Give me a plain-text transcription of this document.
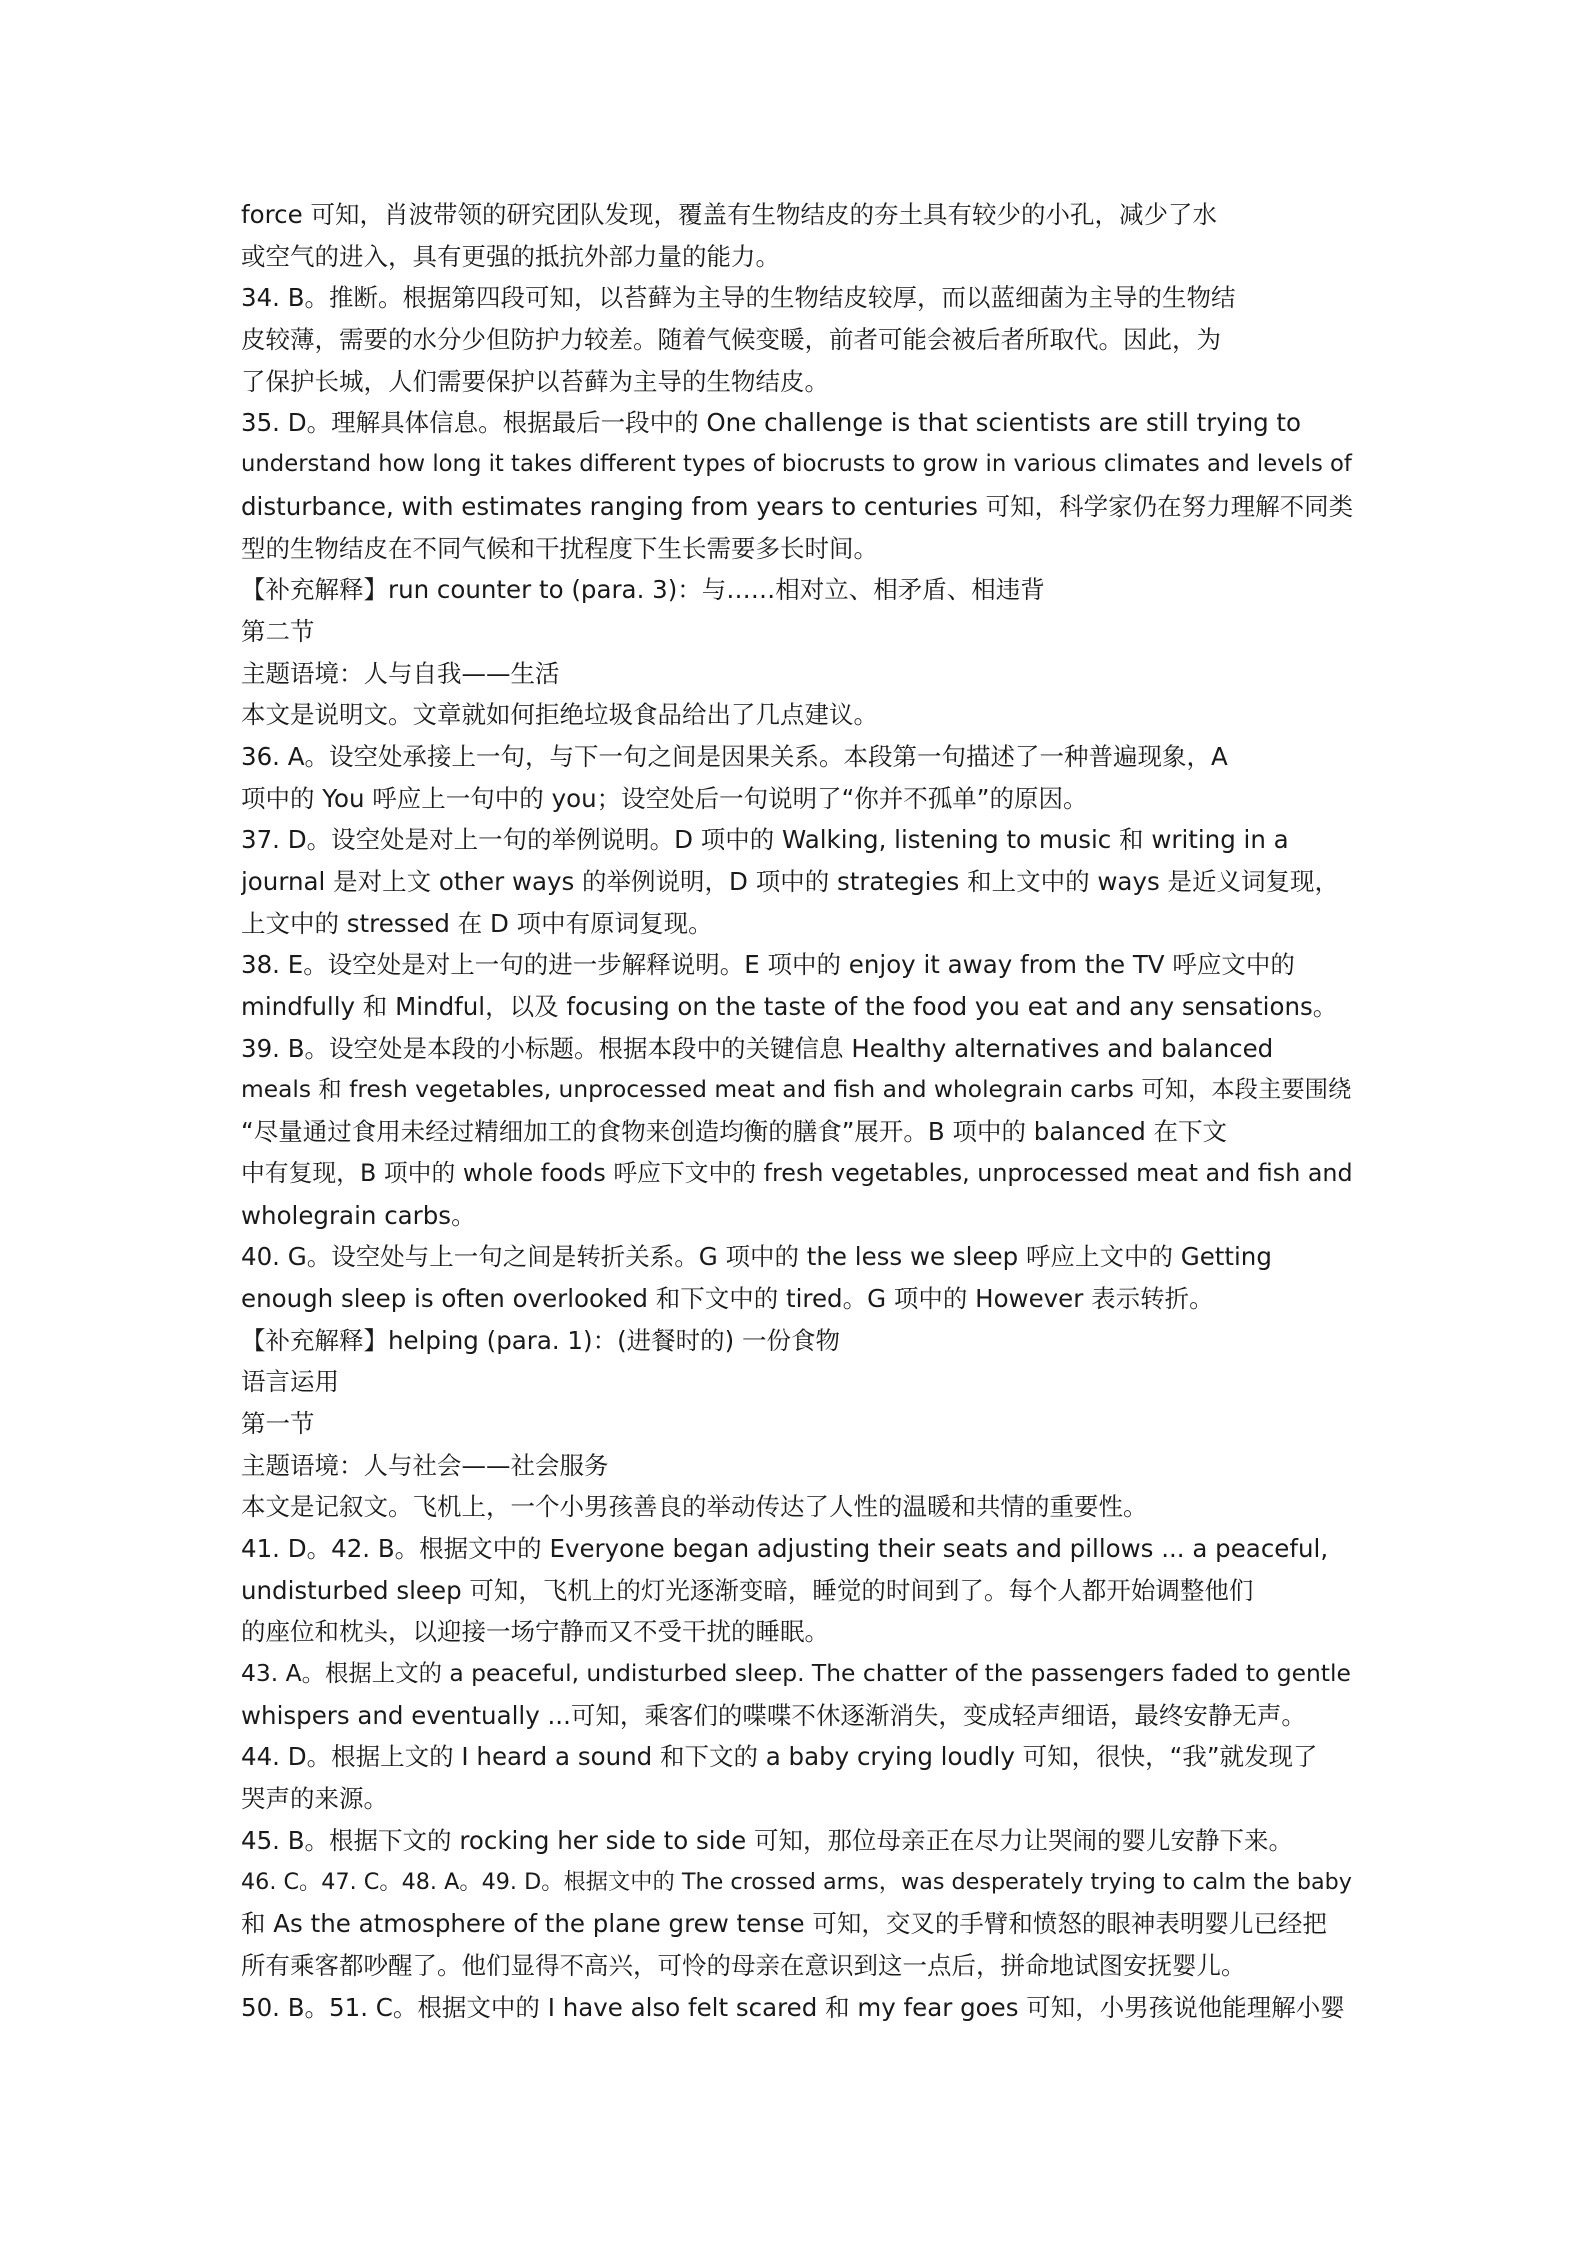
force 可知，肖波带领的研究团队发现，覆盖有生物结皮的夯土具有较少的小孔，减少了水
或空气的进入，具有更强的抵抗外部力量的能力。
34. B。推断。根据第四段可知，以苔藓为主导的生物结皮较厚，而以蓝细菌为主导的生物结
皮较薄，需要的水分少但防护力较差。随着气候变暖，前者可能会被后者所取代。因此，为
了保护长城，人们需要保护以苔藓为主导的生物结皮。
35. D。理解具体信息。根据最后一段中的 One challenge is that scientists are still trying to
understand how long it takes different types of biocrusts to grow in various climates and levels of
disturbance, with estimates ranging from years to centuries 可知，科学家仍在努力理解不同类
型的生物结皮在不同气候和干扰程度下生长需要多长时间。
【补充解释】run counter to (para. 3)：与……相对立、相矛盾、相违背
第二节
主题语境：人与自我——生活
本文是说明文。文章就如何拒绝垃圾食品给出了几点建议。
36. A。设空处承接上一句，与下一句之间是因果关系。本段第一句描述了一种普遍现象，A
项中的 You 呼应上一句中的 you；设空处后一句说明了“你并不孤单”的原因。
37. D。设空处是对上一句的举例说明。D 项中的 Walking, listening to music 和 writing in a
journal 是对上文 other ways 的举例说明，D 项中的 strategies 和上文中的 ways 是近义词复现，
上文中的 stressed 在 D 项中有原词复现。
38. E。设空处是对上一句的进一步解释说明。E 项中的 enjoy it away from the TV 呼应文中的
mindfully 和 Mindful，以及 focusing on the taste of the food you eat and any sensations。
39. B。设空处是本段的小标题。根据本段中的关键信息 Healthy alternatives and balanced
meals 和 fresh vegetables, unprocessed meat and fish and wholegrain carbs 可知，本段主要围绕
“尽量通过食用未经过精细加工的食物来创造均衡的膳食”展开。B 项中的 balanced 在下文
中有复现，B 项中的 whole foods 呼应下文中的 fresh vegetables, unprocessed meat and fish and
wholegrain carbs。
40. G。设空处与上一句之间是转折关系。G 项中的 the less we sleep 呼应上文中的 Getting
enough sleep is often overlooked 和下文中的 tired。G 项中的 However 表示转折。
【补充解释】helping (para. 1)：(进餐时的) 一份食物
语言运用
第一节
主题语境：人与社会——社会服务
本文是记叙文。飞机上，一个小男孩善良的举动传达了人性的温暖和共情的重要性。
41. D。42. B。根据文中的 Everyone began adjusting their seats and pillows ... a peaceful,
undisturbed sleep 可知，飞机上的灯光逐渐变暗，睡觉的时间到了。每个人都开始调整他们
的座位和枕头，以迎接一场宁静而又不受干扰的睡眠。
43. A。根据上文的 a peaceful, undisturbed sleep. The chatter of the passengers faded to gentle
whispers and eventually ...可知，乘客们的喋喋不休逐渐消失，变成轻声细语，最终安静无声。
44. D。根据上文的 I heard a sound 和下文的 a baby crying loudly 可知，很快，“我”就发现了
哭声的来源。
45. B。根据下文的 rocking her side to side 可知，那位母亲正在尽力让哭闹的婴儿安静下来。
46. C。47. C。48. A。49. D。根据文中的 The crossed arms，was desperately trying to calm the baby
和 As the atmosphere of the plane grew tense 可知，交叉的手臂和愤怒的眼神表明婴儿已经把
所有乘客都吵醒了。他们显得不高兴，可怜的母亲在意识到这一点后，拼命地试图安抚婴儿。
50. B。51. C。根据文中的 I have also felt scared 和 my fear goes 可知，小男孩说他能理解小婴
